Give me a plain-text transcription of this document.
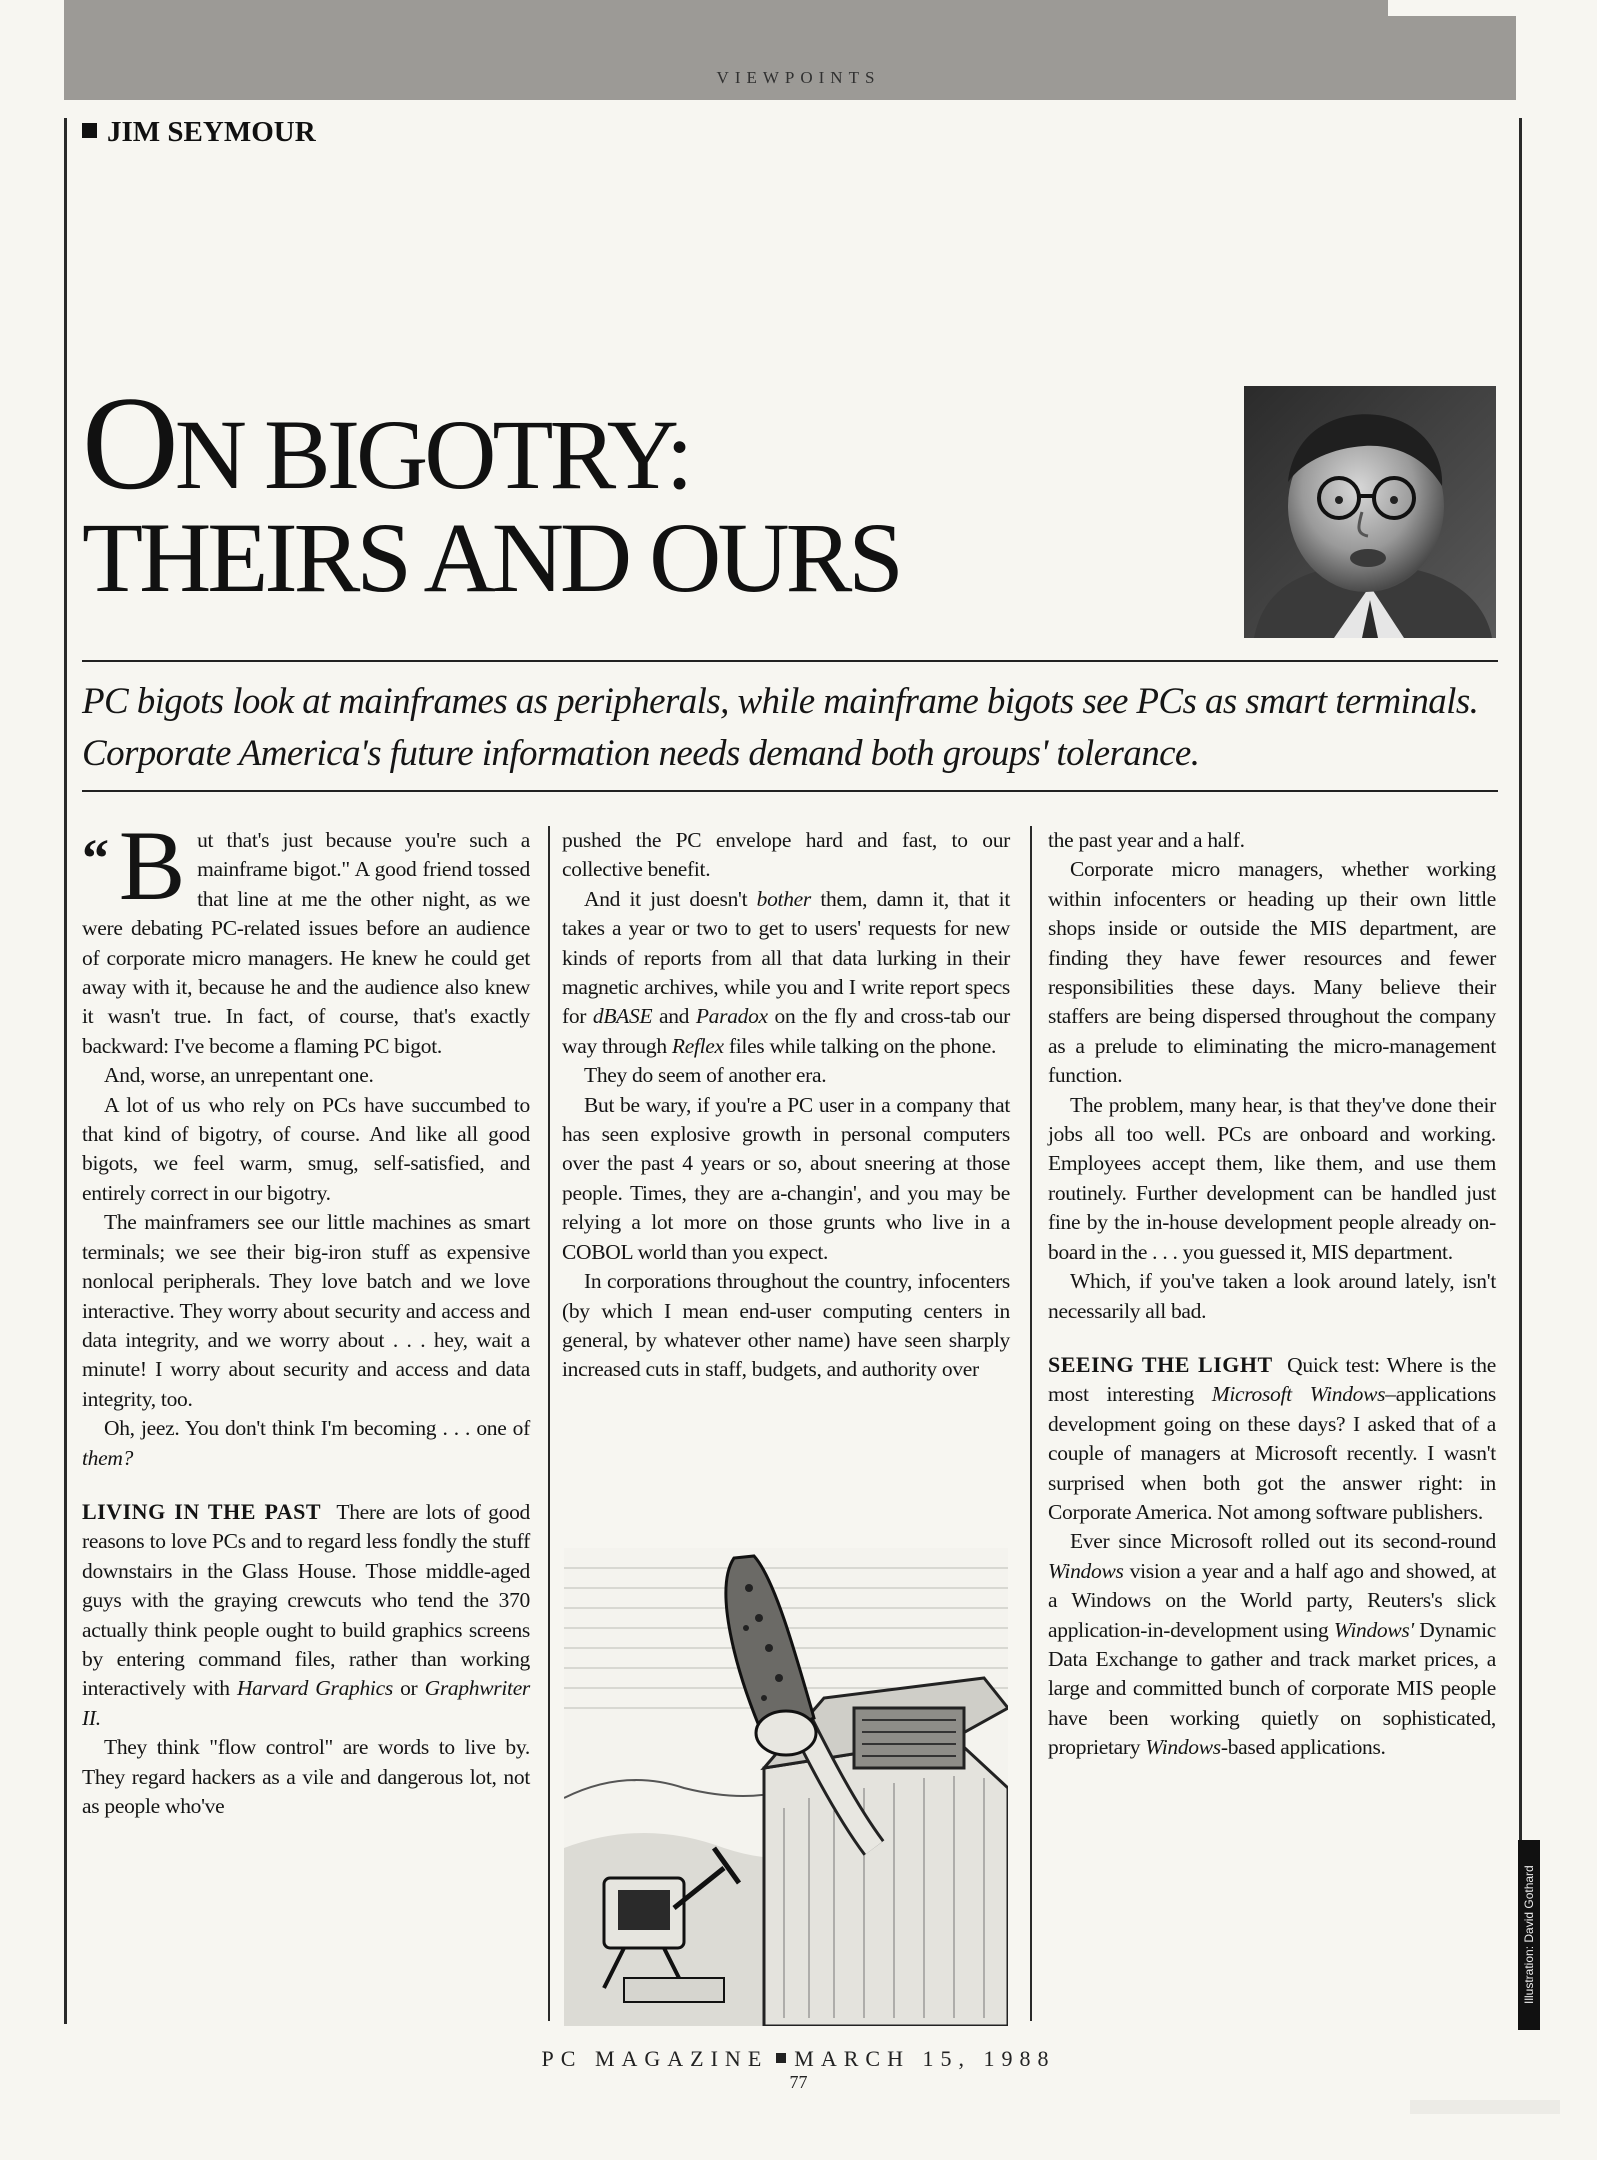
VIEWPOINTS
JIM SEYMOUR
ON BIGOTRY:
THEIRS AND OURS

PC bigots look at mainframes as peripherals, while mainframe bigots see PCs as smart terminals. Corporate America's future information needs demand both groups' tolerance.

“ B ut that's just because you're such a mainframe bigot." A good friend tossed that line at me the other night, as we were debating PC-related issues before an audience of corporate micro managers. He knew he could get away with it, because he and the audience also knew it wasn't true. In fact, of course, that's exactly backward: I've become a flaming PC bigot.

And, worse, an unrepentant one.

A lot of us who rely on PCs have succumbed to that kind of bigotry, of course. And like all good bigots, we feel warm, smug, self-satisfied, and entirely correct in our bigotry.

The mainframers see our little machines as smart terminals; we see their big-iron stuff as expensive nonlocal peripherals. They love batch and we love interactive. They worry about security and access and data integrity, and we worry about . . . hey, wait a minute! I worry about security and access and data integrity, too.

Oh, jeez. You don't think I'm becoming . . . one of them?

LIVING IN THE PAST There are lots of good reasons to love PCs and to regard less fondly the stuff downstairs in the Glass House. Those middle-aged guys with the graying crewcuts who tend the 370 actually think people ought to build graphics screens by entering command files, rather than working interactively with Harvard Graphics or Graphwriter II.

They think "flow control" are words to live by. They regard hackers as a vile and dangerous lot, not as people who've

pushed the PC envelope hard and fast, to our collective benefit.

And it just doesn't bother them, damn it, that it takes a year or two to get to users' requests for new kinds of reports from all that data lurking in their magnetic archives, while you and I write report specs for dBASE and Paradox on the fly and cross-tab our way through Reflex files while talking on the phone.

They do seem of another era.

But be wary, if you're a PC user in a company that has seen explosive growth in personal computers over the past 4 years or so, about sneering at those people. Times, they are a-changin', and you may be relying a lot more on those grunts who live in a COBOL world than you expect.

In corporations throughout the country, infocenters (by which I mean end-user computing centers in general, by whatever other name) have seen sharply increased cuts in staff, budgets, and authority over

the past year and a half.

Corporate micro managers, whether working within infocenters or heading up their own little shops inside or outside the MIS department, are finding they have fewer resources and fewer responsibilities these days. Many believe their staffers are being dispersed throughout the company as a prelude to eliminating the micro-management function.

The problem, many hear, is that they've done their jobs all too well. PCs are onboard and working. Employees accept them, like them, and use them routinely. Further development can be handled just fine by the in-house development people already on-board in the . . . you guessed it, MIS department.

Which, if you've taken a look around lately, isn't necessarily all bad.

SEEING THE LIGHT Quick test: Where is the most interesting Microsoft Windows–applications development going on these days? I asked that of a couple of managers at Microsoft recently. I wasn't surprised when both got the answer right: in Corporate America. Not among software publishers.

Ever since Microsoft rolled out its second-round Windows vision a year and a half ago and showed, at a Windows on the World party, Reuters's slick application-in-development using Windows' Dynamic Data Exchange to gather and track market prices, a large and committed bunch of corporate MIS people have been working quietly on sophisticated, proprietary Windows-based applications.

Illustration: David Gothard
PC MAGAZINE MARCH 15, 1988
77
